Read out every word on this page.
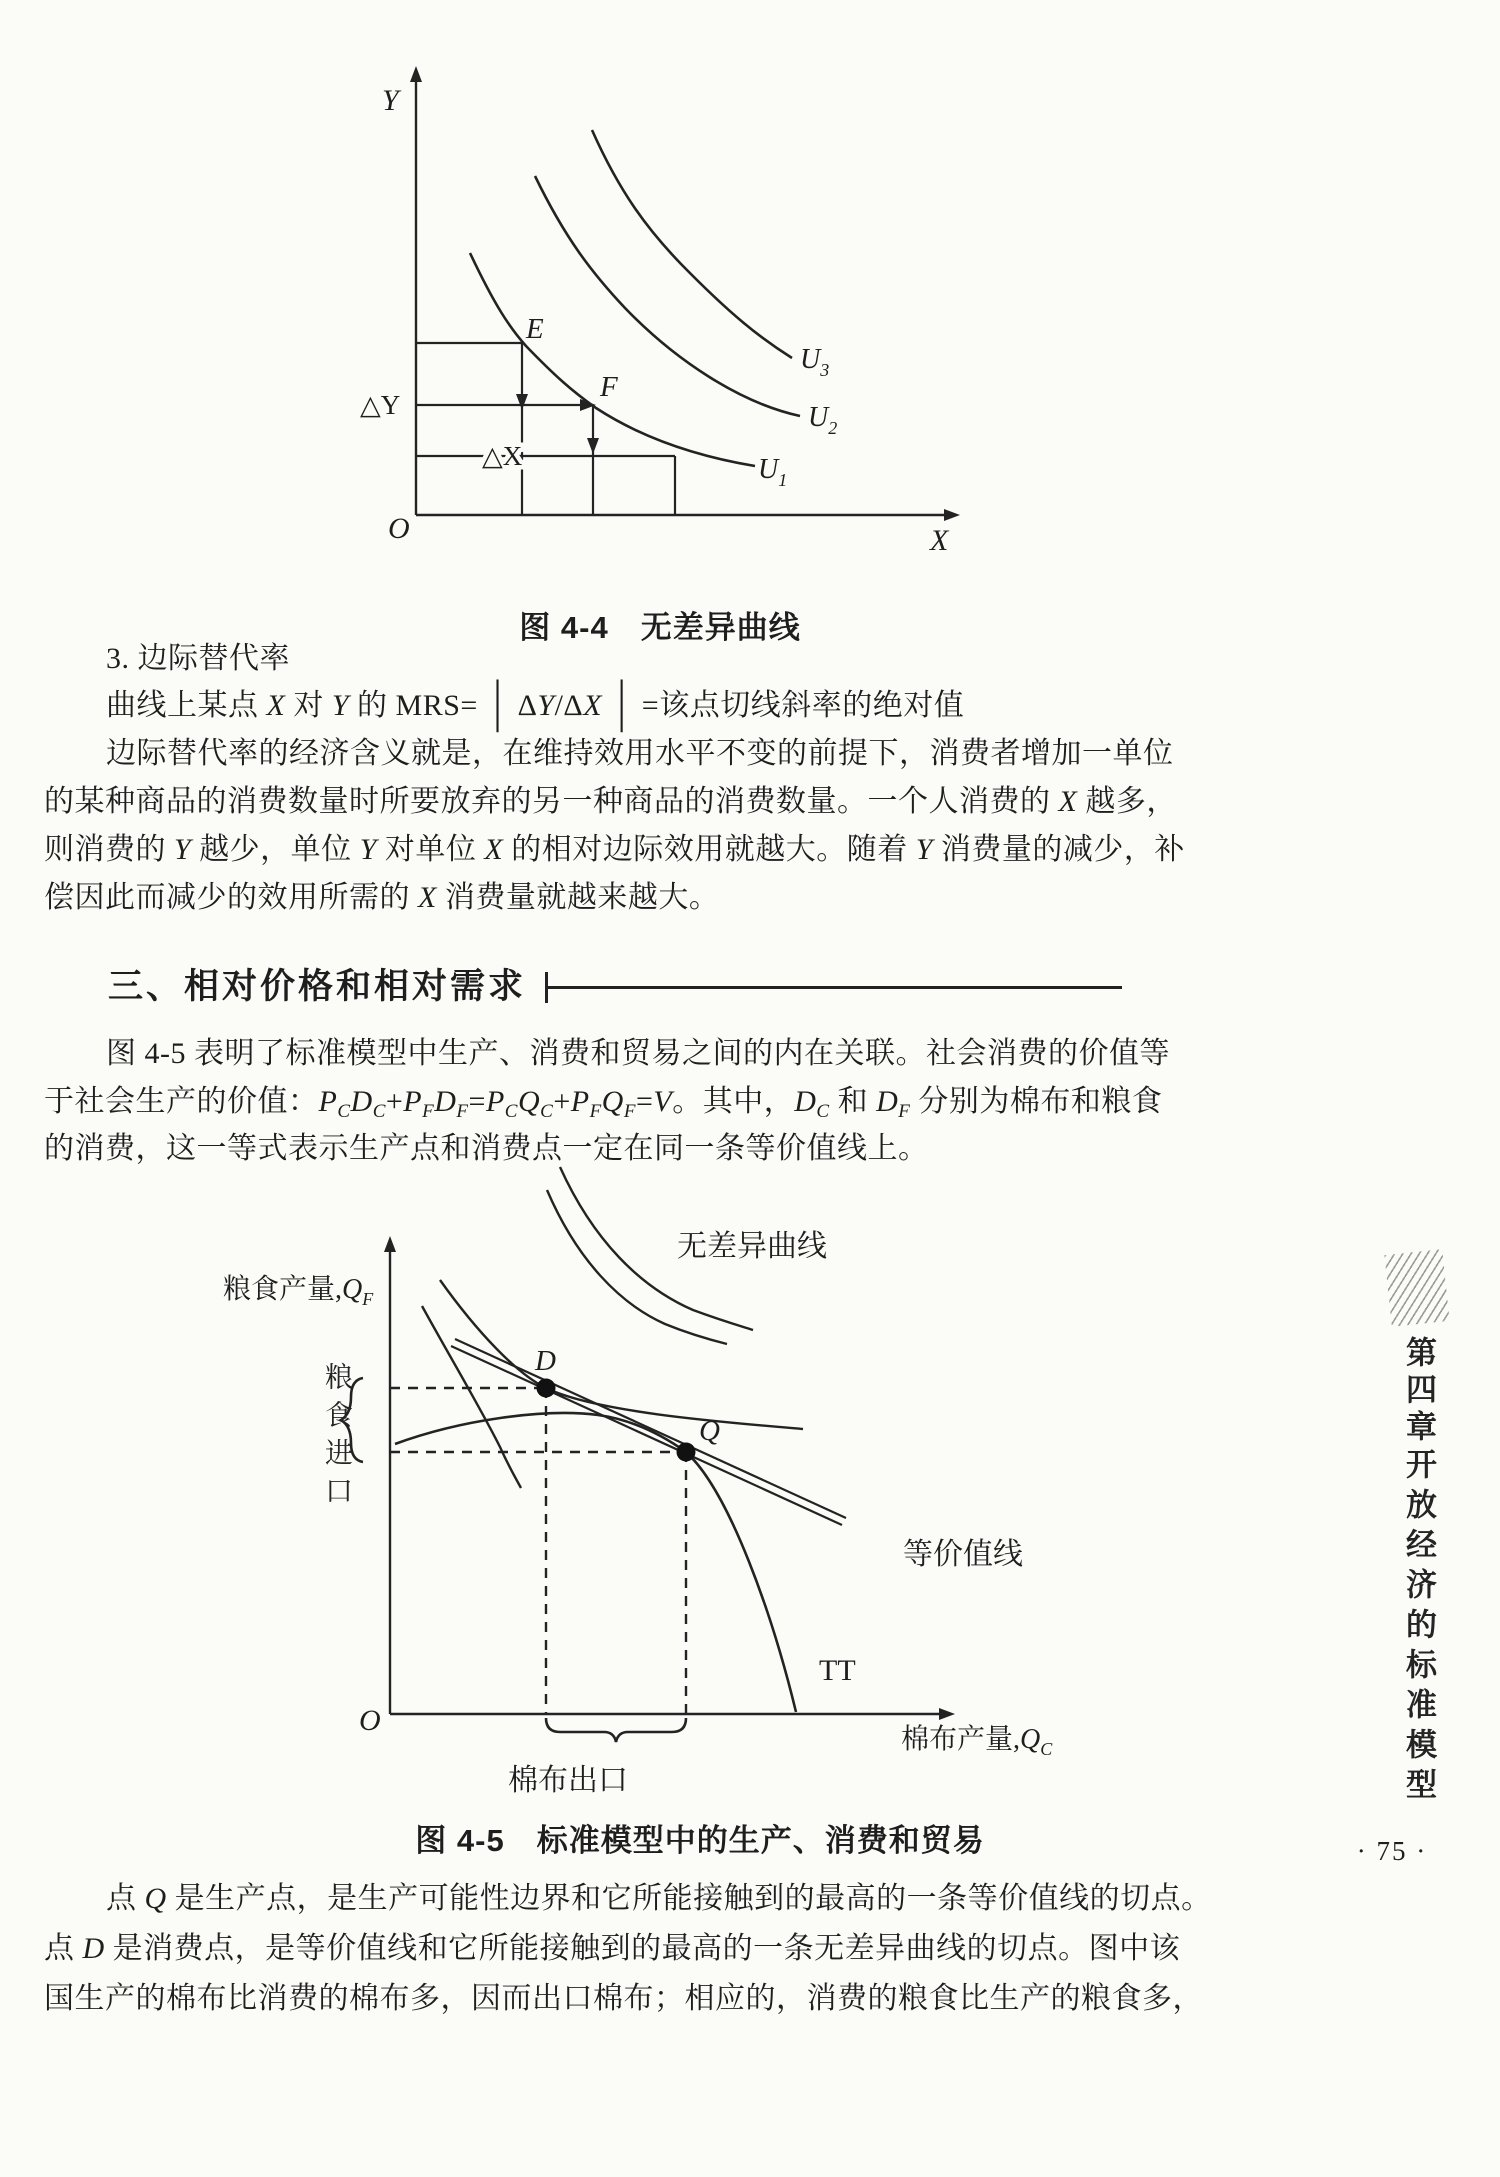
Y
X
O
E
F
△Y
△X
$U_3$
$U_2$
$U_1$
图 4-4　无差异曲线
3. 边际替代率
曲线上某点 X 对 Y 的 MRS= │ ΔY/ΔX │ =该点切线斜率的绝对值
边际替代率的经济含义就是，在维持效用水平不变的前提下，消费者增加一单位
的某种商品的消费数量时所要放弃的另一种商品的消费数量。一个人消费的 X 越多，
则消费的 Y 越少，单位 Y 对单位 X 的相对边际效用就越大。随着 Y 消费量的减少，补
偿因此而减少的效用所需的 X 消费量就越来越大。
三、相对价格和相对需求
图 4-5 表明了标准模型中生产、消费和贸易之间的内在关联。社会消费的价值等
于社会生产的价值：$P_CD_C+P_FD_F=P_CQ_C+P_FQ_F=V$。其中，$D_C$ 和 $D_F$ 分别为棉布和粮食
的消费，这一等式表示生产点和消费点一定在同一条等价值线上。
粮食产量$,Q_F$
棉布产量$,Q_C$
无差异曲线
等价值线
TT
O
D
Q
棉布出口
粮食进口
图 4-5　标准模型中的生产、消费和贸易
点 Q 是生产点，是生产可能性边界和它所能接触到的最高的一条等价值线的切点。
点 D 是消费点，是等价值线和它所能接触到的最高的一条无差异曲线的切点。图中该
国生产的棉布比消费的棉布多，因而出口棉布；相应的，消费的粮食比生产的粮食多，
第四章
开放经济的标准模型
· 75 ·
